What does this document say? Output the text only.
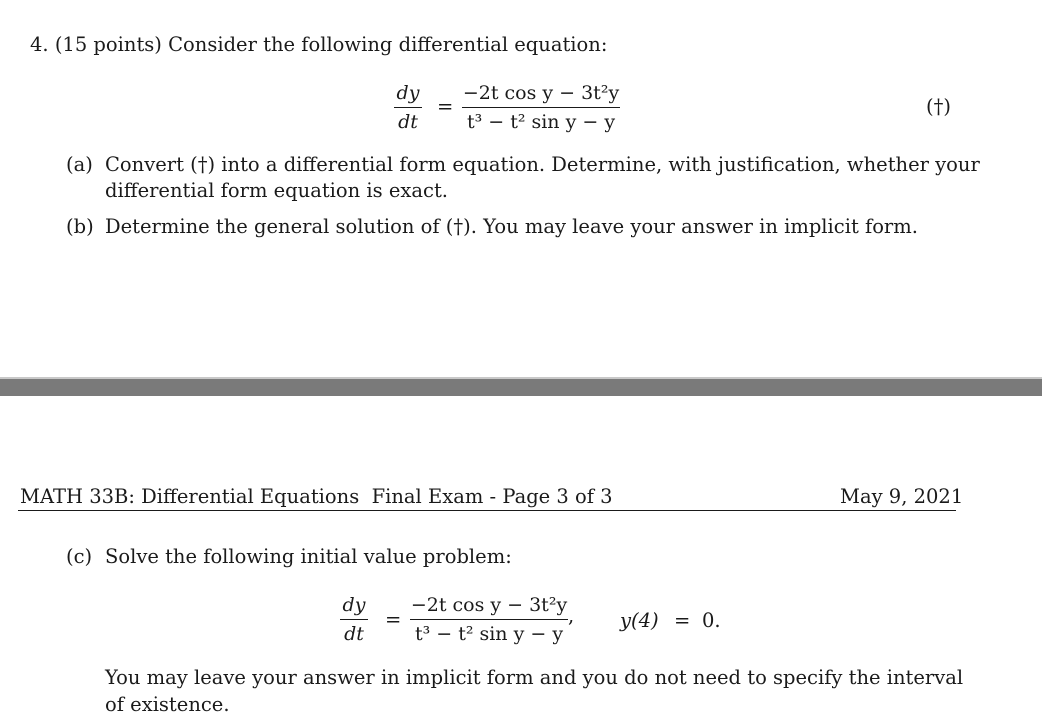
4. (15 points) Consider the following differential equation:
dy
dt
=
−2t cos y − 3t²y
t³ − t² sin y − y
(†)
(a) Convert (†) into a differential form equation. Determine, with justification, whether your
differential form equation is exact.
(b) Determine the general solution of (†). You may leave your answer in implicit form.
MATH 33B: Differential Equations Final Exam - Page 3 of 3	May 9, 2021
(c) Solve the following initial value problem:
dy
dt
=
−2t cos y − 3t²y
t³ − t² sin y − y
, y(4) = 0.
You may leave your answer in implicit form and you do not need to specify the interval
of existence.
